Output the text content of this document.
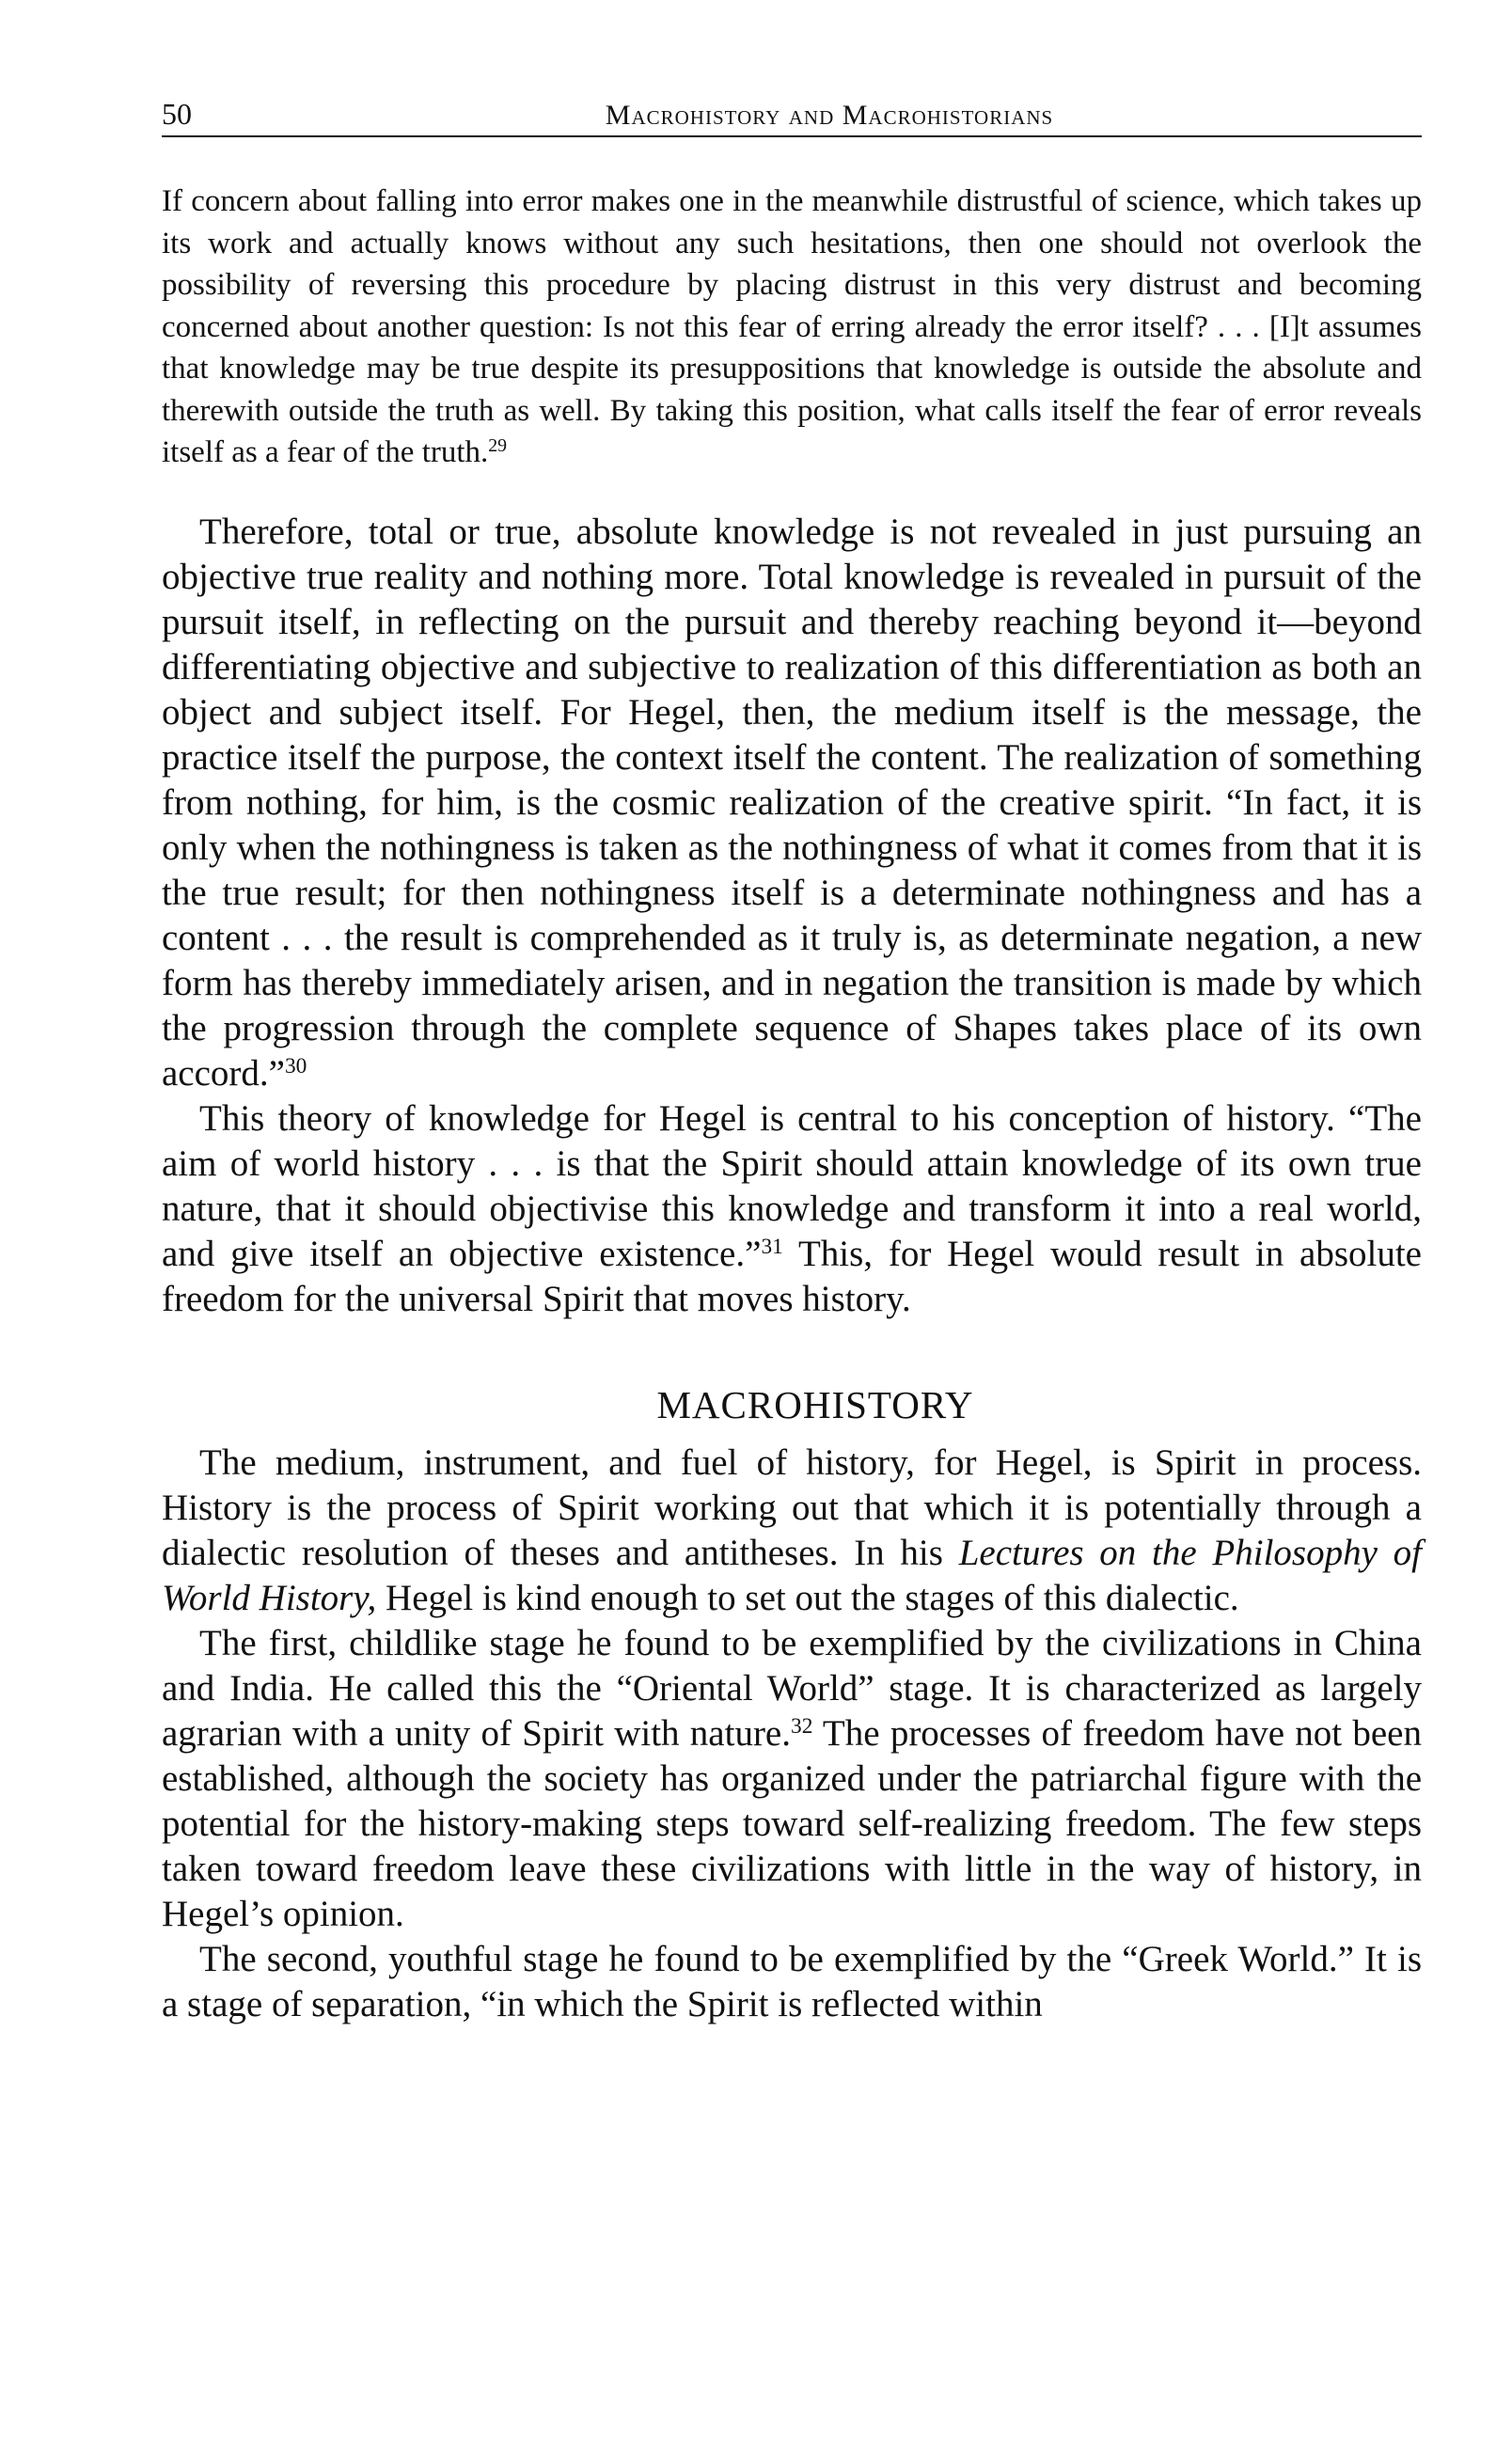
50	Macrohistory and Macrohistorians

If concern about falling into error makes one in the meanwhile distrustful of science, which takes up its work and actually knows without any such hesitations, then one should not overlook the possibility of reversing this procedure by placing distrust in this very distrust and becoming concerned about another question: Is not this fear of erring already the error itself? . . . [I]t assumes that knowledge may be true despite its presuppositions that knowledge is outside the absolute and therewith outside the truth as well. By taking this position, what calls itself the fear of error reveals itself as a fear of the truth.$^{29}$

Therefore, total or true, absolute knowledge is not revealed in just pursuing an objective true reality and nothing more. Total knowledge is revealed in pursuit of the pursuit itself, in reflecting on the pursuit and thereby reaching beyond it—beyond differentiating objective and subjective to realization of this differentiation as both an object and subject itself. For Hegel, then, the medium itself is the message, the practice itself the purpose, the context itself the content. The realization of something from nothing, for him, is the cosmic realization of the creative spirit. “In fact, it is only when the nothingness is taken as the nothingness of what it comes from that it is the true result; for then nothingness itself is a determinate nothingness and has a content . . . the result is comprehended as it truly is, as determinate negation, a new form has thereby immediately arisen, and in negation the transition is made by which the progression through the complete sequence of Shapes takes place of its own accord.”$^{30}$

This theory of knowledge for Hegel is central to his conception of history. “The aim of world history . . . is that the Spirit should attain knowledge of its own true nature, that it should objectivise this knowledge and transform it into a real world, and give itself an objective existence.”$^{31}$ This, for Hegel would result in absolute freedom for the universal Spirit that moves history.

MACROHISTORY

The medium, instrument, and fuel of history, for Hegel, is Spirit in process. History is the process of Spirit working out that which it is potentially through a dialectic resolution of theses and antitheses. In his Lectures on the Philosophy of World History, Hegel is kind enough to set out the stages of this dialectic.

The first, childlike stage he found to be exemplified by the civilizations in China and India. He called this the “Oriental World” stage. It is characterized as largely agrarian with a unity of Spirit with nature.$^{32}$ The processes of freedom have not been established, although the society has organized under the patriarchal figure with the potential for the history-making steps toward self-realizing freedom. The few steps taken toward freedom leave these civilizations with little in the way of history, in Hegel’s opinion.

The second, youthful stage he found to be exemplified by the “Greek World.” It is a stage of separation, “in which the Spirit is reflected within
